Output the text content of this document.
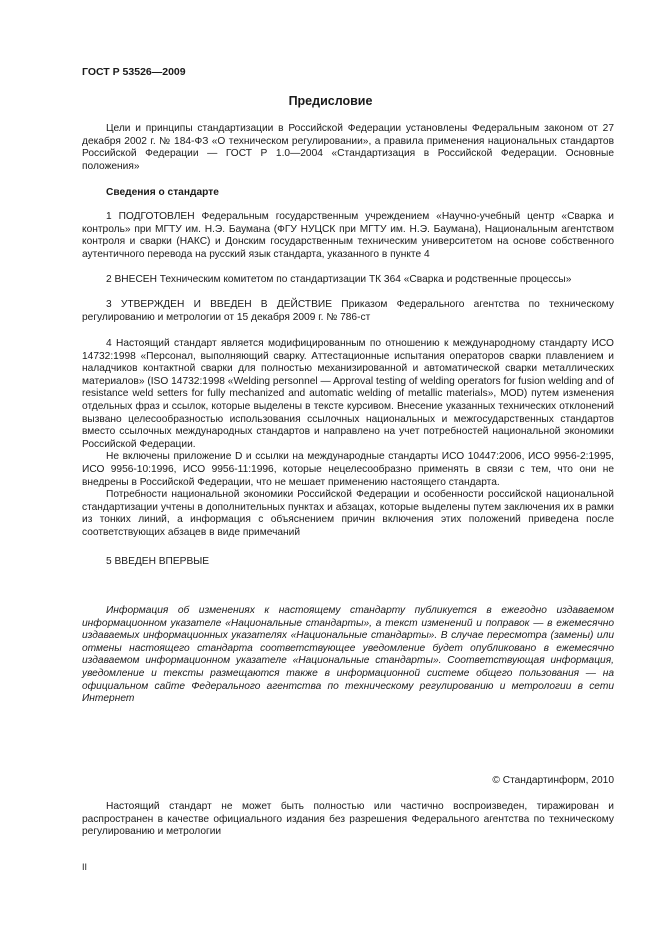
ГОСТ Р 53526—2009
Предисловие

Цели и принципы стандартизации в Российской Федерации установлены Федеральным законом от 27 декабря 2002 г. № 184-ФЗ «О техническом регулировании», а правила применения национальных стандартов Российской Федерации — ГОСТ Р 1.0—2004 «Стандартизация в Российской Федерации. Основные положения»

Сведения о стандарте

1 ПОДГОТОВЛЕН Федеральным государственным учреждением «Научно-учебный центр «Сварка и контроль» при МГТУ им. Н.Э. Баумана (ФГУ НУЦСК при МГТУ им. Н.Э. Баумана), Национальным агентством контроля и сварки (НАКС) и Донским государственным техническим университетом на основе собственного аутентичного перевода на русский язык стандарта, указанного в пункте 4

2 ВНЕСЕН Техническим комитетом по стандартизации ТК 364 «Сварка и родственные процессы»

3 УТВЕРЖДЕН И ВВЕДЕН В ДЕЙСТВИЕ Приказом Федерального агентства по техническому регулированию и метрологии от 15 декабря 2009 г. № 786-ст

4 Настоящий стандарт является модифицированным по отношению к международному стандарту ИСО 14732:1998 «Персонал, выполняющий сварку. Аттестационные испытания операторов сварки плавлением и наладчиков контактной сварки для полностью механизированной и автоматической сварки металлических материалов» (ISO 14732:1998 «Welding personnel — Approval testing of welding operators for fusion welding and of resistance weld setters for fully mechanized and automatic welding of metallic materials», MOD) путем изменения отдельных фраз и ссылок, которые выделены в тексте курсивом. Внесение указанных технических отклонений вызвано целесообразностью использования ссылочных национальных и межгосударственных стандартов вместо ссылочных международных стандартов и направлено на учет потребностей национальной экономики Российской Федерации.

Не включены приложение D и ссылки на международные стандарты ИСО 10447:2006, ИСО 9956-2:1995, ИСО 9956-10:1996, ИСО 9956-11:1996, которые нецелесообразно применять в связи с тем, что они не внедрены в Российской Федерации, что не мешает применению настоящего стандарта.

Потребности национальной экономики Российской Федерации и особенности российской национальной стандартизации учтены в дополнительных пунктах и абзацах, которые выделены путем заключения их в рамки из тонких линий, а информация с объяснением причин включения этих положений приведена после соответствующих абзацев в виде примечаний

5 ВВЕДЕН ВПЕРВЫЕ

Информация об изменениях к настоящему стандарту публикуется в ежегодно издаваемом информационном указателе «Национальные стандарты», а текст изменений и поправок — в ежемесячно издаваемых информационных указателях «Национальные стандарты». В случае пересмотра (замены) или отмены настоящего стандарта соответствующее уведомление будет опубликовано в ежемесячно издаваемом информационном указателе «Национальные стандарты». Соответствующая информация, уведомление и тексты размещаются также в информационной системе общего пользования — на официальном сайте Федерального агентства по техническому регулированию и метрологии в сети Интернет

© Стандартинформ, 2010

Настоящий стандарт не может быть полностью или частично воспроизведен, тиражирован и распространен в качестве официального издания без разрешения Федерального агентства по техническому регулированию и метрологии

II
